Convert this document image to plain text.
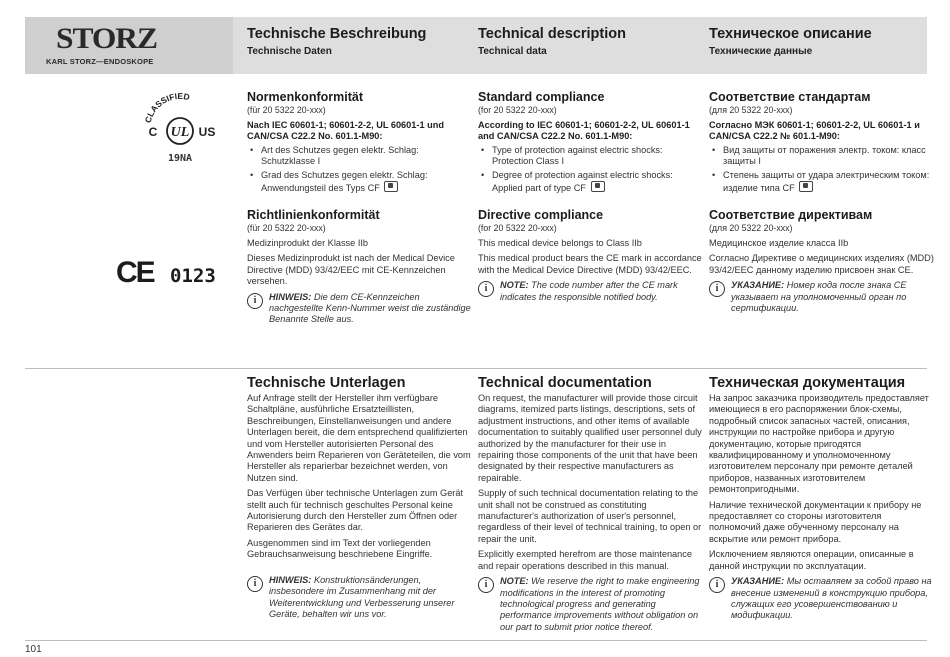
STORZ
KARL STORZ—ENDOSKOPE
Technische Beschreibung
Technische Daten
Technical description
Technical data
Техническое описание
Технические данные
CLASSIFIED
UL
C	US
19NA
Normenkonformität
(für 20 5322 20-xxx)
Nach IEC 60601-1; 60601-2-2, UL 60601-1 und CAN/CSA C22.2 No. 601.1-M90:
• Art des Schutzes gegen elektr. Schlag: Schutzklasse I
• Grad des Schutzes gegen elektr. Schlag: Anwendungsteil des Typs CF
Standard compliance
(for 20 5322 20-xxx)
According to IEC 60601-1; 60601-2-2, UL 60601-1 and CAN/CSA C22.2 No. 601.1-M90:
• Type of protection against electric shocks: Protection Class I
• Degree of protection against electric shocks: Applied part of type CF
Соответствие стандартам
(для 20 5322 20-xxx)
Согласно МЭК 60601-1; 60601-2-2, UL 60601-1 и CAN/CSA C22.2 № 601.1-M90:
• Вид защиты от поражения электр. током: класс защиты I
• Степень защиты от удара электрическим током: изделие типа CF
CE 0123
Richtlinienkonformität
(für 20 5322 20-xxx)

Medizinprodukt der Klasse IIb

Dieses Medizinprodukt ist nach der Medical Device Directive (MDD) 93/42/EEC mit CE-Kennzeichen versehen.

i	HINWEIS: Die dem CE-Kennzeichen nachgestellte Kenn-Nummer weist die zuständige Benannte Stelle aus.
Directive compliance
(for 20 5322 20-xxx)

This medical device belongs to Class IIb

This medical product bears the CE mark in accordance with the Medical Device Directive (MDD) 93/42/EEC.

i	NOTE: The code number after the CE mark indicates the responsible notified body.
Соответствие директивам
(для 20 5322 20-xxx)

Медицинское изделие класса IIb

Согласно Директиве о медицинских изделиях (MDD) 93/42/EEC данному изделию присвоен знак CE.

i	УКАЗАНИЕ: Номер кода после знака CE указывает на уполномоченный орган по сертификации.
Technische Unterlagen

Auf Anfrage stellt der Hersteller ihm verfügbare Schaltpläne, ausführliche Ersatzteillisten, Beschreibungen, Einstellanweisungen und andere Unterlagen bereit, die dem entsprechend qualifizierten und vom Hersteller autorisierten Personal des Anwenders beim Reparieren von Geräteteilen, die vom Hersteller als reparierbar bezeichnet werden, von Nutzen sind.

Das Verfügen über technische Unterlagen zum Gerät stellt auch für technisch geschultes Personal keine Autorisierung durch den Hersteller zum Öffnen oder Reparieren des Gerätes dar.

Ausgenommen sind im Text der vorliegenden Gebrauchsanweisung beschriebene Eingriffe.

i	HINWEIS: Konstruktionsänderungen, insbesondere im Zusammenhang mit der Weiterentwicklung und Verbesserung unserer Geräte, behalten wir uns vor.
Technical documentation

On request, the manufacturer will provide those circuit diagrams, itemized parts listings, descriptions, sets of adjustment instructions, and other items of available documentation to suitably qualified user personnel duly authorized by the manufacturer for their use in repairing those components of the unit that have been designated by their respective manufacturers as repairable.

Supply of such technical documentation relating to the unit shall not be construed as constituting manufacturer's authorization of user's personnel, regardless of their level of technical training, to open or repair the unit.

Explicitly exempted herefrom are those maintenance and repair operations described in this manual.

i	NOTE: We reserve the right to make engineering modifications in the interest of promoting technological progress and generating performance improvements without obligation on our part to submit prior notice thereof.
Техническая документация

На запрос заказчика производитель предоставляет имеющиеся в его распоряжении блок-схемы, подробный список запасных частей, описания, инструкции по настройке прибора и другую документацию, которые пригодятся квалифицированному и уполномоченному изготовителем персоналу при ремонте деталей приборов, названных изготовителем ремонтопригодными.

Наличие технической документации к прибору не предоставляет со стороны изготовителя полномочий даже обученному персоналу на вскрытие или ремонт прибора.

Исключением являются операции, описанные в данной инструкции по эксплуатации.

i	УКАЗАНИЕ: Мы оставляем за собой право на внесение изменений в конструкцию прибора, служащих его усовершенствованию и модификации.
101
